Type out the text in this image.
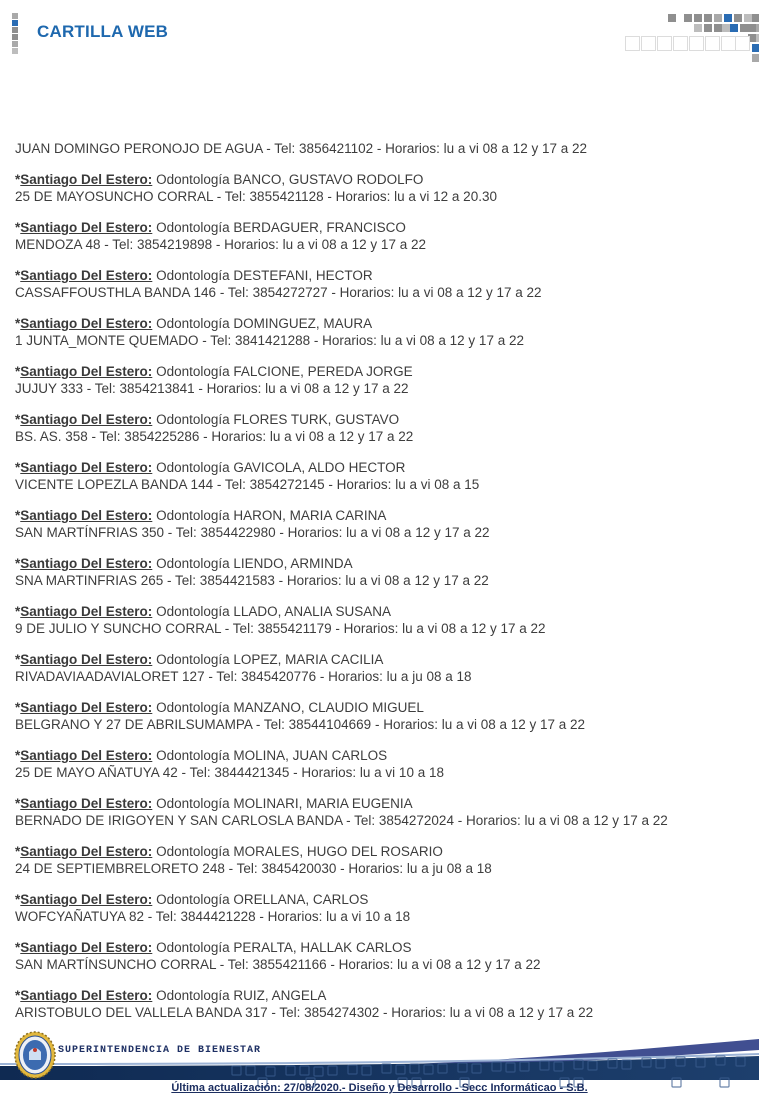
CARTILLA WEB

JUAN DOMINGO PERONOJO DE AGUA - Tel: 3856421102 - Horarios: lu a vi 08 a 12 y 17 a 22

*Santiago Del Estero: Odontología BANCO, GUSTAVO RODOLFO

25 DE MAYOSUNCHO CORRAL - Tel: 3855421128 - Horarios: lu a vi 12 a 20.30

*Santiago Del Estero: Odontología BERDAGUER, FRANCISCO

MENDOZA 48 - Tel: 3854219898 - Horarios: lu a vi 08 a 12 y 17 a 22

*Santiago Del Estero: Odontología DESTEFANI, HECTOR

CASSAFFOUSTHLA BANDA 146 - Tel: 3854272727 - Horarios: lu a vi 08 a 12 y 17 a 22

*Santiago Del Estero: Odontología DOMINGUEZ, MAURA

1 JUNTA_MONTE QUEMADO - Tel: 3841421288 - Horarios: lu a vi 08 a 12 y 17 a 22

*Santiago Del Estero: Odontología FALCIONE, PEREDA JORGE

JUJUY 333 - Tel: 3854213841 - Horarios: lu a vi 08 a 12 y 17 a 22

*Santiago Del Estero: Odontología FLORES TURK, GUSTAVO

BS. AS. 358 - Tel: 3854225286 - Horarios: lu a vi 08 a 12 y 17 a 22

*Santiago Del Estero: Odontología GAVICOLA, ALDO HECTOR

VICENTE LOPEZLA BANDA 144 - Tel: 3854272145 - Horarios: lu a vi 08 a 15

*Santiago Del Estero: Odontología HARON, MARIA CARINA

SAN MARTÍNFRIAS 350 - Tel: 3854422980 - Horarios: lu a vi 08 a 12 y 17 a 22

*Santiago Del Estero: Odontología LIENDO, ARMINDA

SNA MARTINFRIAS 265 - Tel: 3854421583 - Horarios: lu a vi 08 a 12 y 17 a 22

*Santiago Del Estero: Odontología LLADO, ANALIA SUSANA

9 DE JULIO Y SUNCHO CORRAL - Tel: 3855421179 - Horarios: lu a vi 08 a 12 y 17 a 22

*Santiago Del Estero: Odontología LOPEZ, MARIA CACILIA

RIVADAVIAADAVIALORET 127 - Tel: 3845420776 - Horarios: lu a ju 08 a 18

*Santiago Del Estero: Odontología MANZANO, CLAUDIO MIGUEL

BELGRANO Y 27 DE ABRILSUMAMPA - Tel: 38544104669 - Horarios: lu a vi 08 a 12 y 17 a 22

*Santiago Del Estero: Odontología MOLINA, JUAN CARLOS

25 DE MAYO AÑATUYA 42 - Tel: 3844421345 - Horarios: lu a vi 10 a 18

*Santiago Del Estero: Odontología MOLINARI, MARIA EUGENIA

BERNADO DE IRIGOYEN Y SAN CARLOSLA BANDA - Tel: 3854272024 - Horarios: lu a vi 08 a 12 y 17 a 22

*Santiago Del Estero: Odontología MORALES, HUGO DEL ROSARIO

24 DE SEPTIEMBRELORETO 248 - Tel: 3845420030 - Horarios: lu a ju 08 a 18

*Santiago Del Estero: Odontología ORELLANA, CARLOS

WOFCYAÑATUYA 82 - Tel: 3844421228 - Horarios: lu a vi 10 a 18

*Santiago Del Estero: Odontología PERALTA, HALLAK CARLOS

SAN MARTÍNSUNCHO CORRAL - Tel: 3855421166 - Horarios: lu a vi 08 a 12 y 17 a 22

*Santiago Del Estero: Odontología RUIZ, ANGELA

ARISTOBULO DEL VALLELA BANDA 317 - Tel: 3854274302 - Horarios: lu a vi 08 a 12 y 17 a 22

SUPERINTENDENCIA DE BIENESTAR
Última actualización: 27/08/2020.- Diseño y Desarrollo - Secc Informáticao - S.B.
